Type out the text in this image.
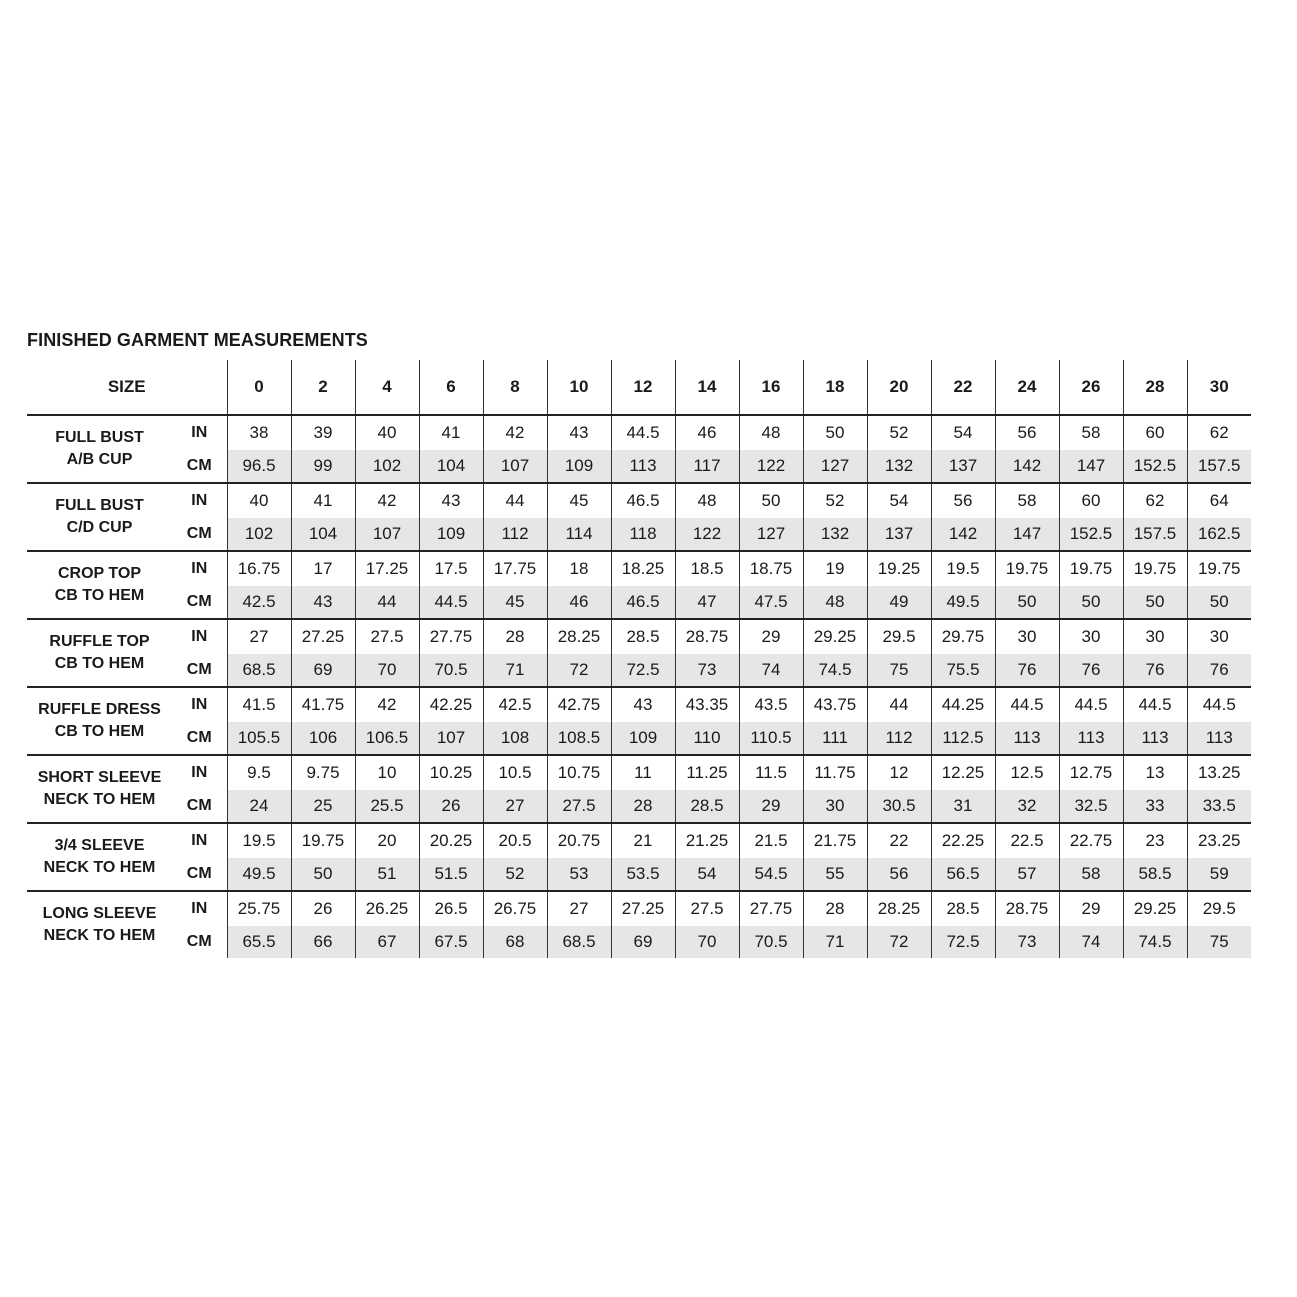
FINISHED GARMENT MEASUREMENTS
SIZE		0	2	4	6	8	10	12	14	16	18	20	22	24	26	28	30

FULL BUST
A/B CUP	IN	38	39	40	41	42	43	44.5	46	48	50	52	54	56	58	60	62
	CM	96.5	99	102	104	107	109	113	117	122	127	132	137	142	147	152.5	157.5

FULL BUST
C/D CUP	IN	40	41	42	43	44	45	46.5	48	50	52	54	56	58	60	62	64
	CM	102	104	107	109	112	114	118	122	127	132	137	142	147	152.5	157.5	162.5

CROP TOP
CB TO HEM	IN	16.75	17	17.25	17.5	17.75	18	18.25	18.5	18.75	19	19.25	19.5	19.75	19.75	19.75	19.75
	CM	42.5	43	44	44.5	45	46	46.5	47	47.5	48	49	49.5	50	50	50	50

RUFFLE TOP
CB TO HEM	IN	27	27.25	27.5	27.75	28	28.25	28.5	28.75	29	29.25	29.5	29.75	30	30	30	30
	CM	68.5	69	70	70.5	71	72	72.5	73	74	74.5	75	75.5	76	76	76	76

RUFFLE DRESS
CB TO HEM	IN	41.5	41.75	42	42.25	42.5	42.75	43	43.35	43.5	43.75	44	44.25	44.5	44.5	44.5	44.5
	CM	105.5	106	106.5	107	108	108.5	109	110	110.5	111	112	112.5	113	113	113	113

SHORT SLEEVE
NECK TO HEM	IN	9.5	9.75	10	10.25	10.5	10.75	11	11.25	11.5	11.75	12	12.25	12.5	12.75	13	13.25
	CM	24	25	25.5	26	27	27.5	28	28.5	29	30	30.5	31	32	32.5	33	33.5

3/4 SLEEVE
NECK TO HEM	IN	19.5	19.75	20	20.25	20.5	20.75	21	21.25	21.5	21.75	22	22.25	22.5	22.75	23	23.25
	CM	49.5	50	51	51.5	52	53	53.5	54	54.5	55	56	56.5	57	58	58.5	59

LONG SLEEVE
NECK TO HEM	IN	25.75	26	26.25	26.5	26.75	27	27.25	27.5	27.75	28	28.25	28.5	28.75	29	29.25	29.5
	CM	65.5	66	67	67.5	68	68.5	69	70	70.5	71	72	72.5	73	74	74.5	75
